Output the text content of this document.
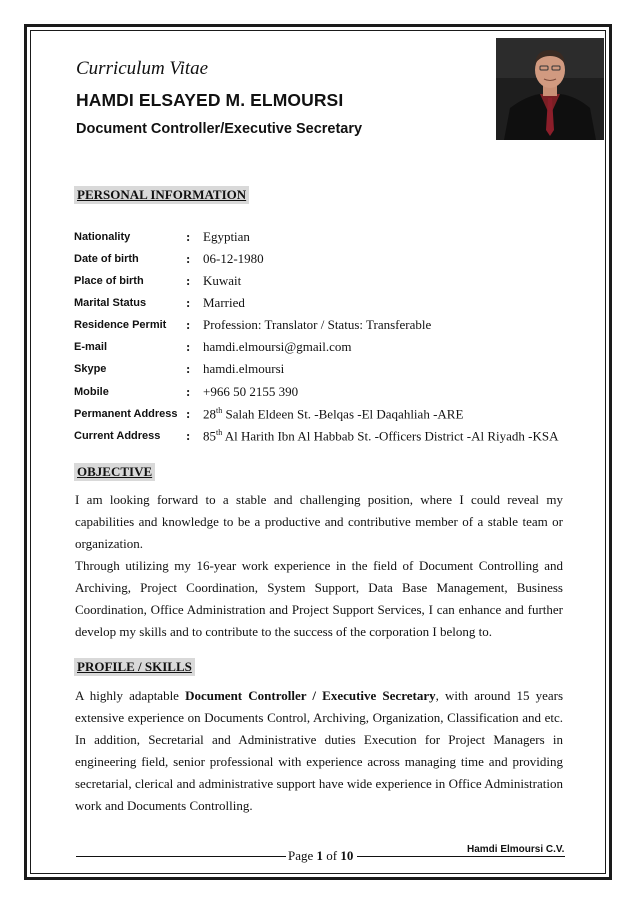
Curriculum Vitae
HAMDI ELSAYED M. ELMOURSI
Document Controller/Executive Secretary
PERSONAL INFORMATION
Nationality	: Egyptian
Date of birth	: 06-12-1980
Place of birth	: Kuwait
Marital Status	: Married
Residence Permit : Profession: Translator / Status: Transferable
E-mail	: hamdi.elmoursi@gmail.com
Skype	: hamdi.elmoursi
Mobile	: +966 50 2155 390
Permanent Address : 28th Salah Eldeen St. -Belqas -El Daqahliah -ARE
Current Address : 85th Al Harith Ibn Al Habbab St. -Officers District -Al Riyadh -KSA
OBJECTIVE

I am looking forward to a stable and challenging position, where I could reveal my capabilities and knowledge to be a productive and contributive member of a stable team or organization.

Through utilizing my 16-year work experience in the field of Document Controlling and Archiving, Project Coordination, System Support, Data Base Management, Business Coordination, Office Administration and Project Support Services, I can enhance and further develop my skills and to contribute to the success of the corporation I belong to.

PROFILE / SKILLS

A highly adaptable Document Controller / Executive Secretary, with around 15 years extensive experience on Documents Control, Archiving, Organization, Classification and etc. In addition, Secretarial and Administrative duties Execution for Project Managers in engineering field, senior professional with experience across managing time and providing secretarial, clerical and administrative support have wide experience in Office Administration work and Documents Controlling.

Page 1 of 10	Hamdi Elmoursi C.V.
